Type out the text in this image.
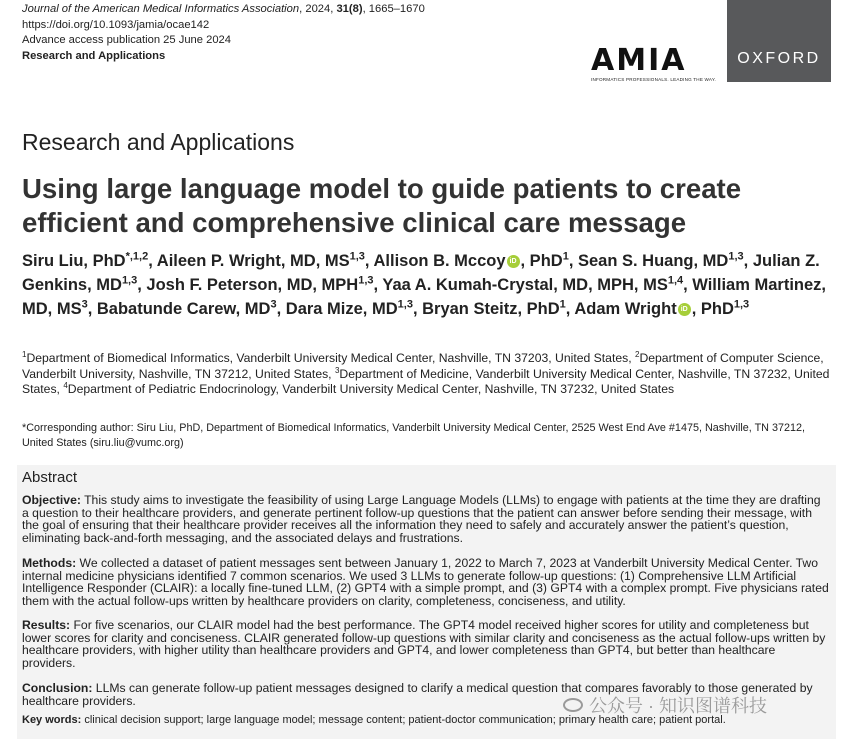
Journal of the American Medical Informatics Association, 2024, 31(8), 1665–1670
https://doi.org/10.1093/jamia/ocae142
Advance access publication 25 June 2024
Research and Applications	AMIA
INFORMATICS PROFESSIONALS. LEADING THE WAY.
OXFORD
Research and Applications
Using large language model to guide patients to create efficient and comprehensive clinical care message
Siru Liu, PhD$^{*,1,2}$, Aileen P. Wright, MD, MS$^{1,3}$, Allison B. Mccoy iD , PhD$^1$, Sean S. Huang, MD$^{1,3}$, Julian Z. Genkins, MD$^{1,3}$, Josh F. Peterson, MD, MPH$^{1,3}$, Yaa A. Kumah-Crystal, MD, MPH, MS$^{1,4}$, William Martinez, MD, $MS^3$, Babatunde Carew, $MD^3$, Dara Mize, MD$^{1,3}$, Bryan Steitz, PhD$^1$, Adam Wright iD , PhD$^{1,3}$
$^1$Department of Biomedical Informatics, Vanderbilt University Medical Center, Nashville, TN 37203, United States, $^2$Department of Computer Science, Vanderbilt University, Nashville, TN 37212, United States, $^3$Department of Medicine, Vanderbilt University Medical Center, Nashville, TN 37232, United States, $^4$Department of Pediatric Endocrinology, Vanderbilt University Medical Center, Nashville, TN 37232, United States
*Corresponding author: Siru Liu, PhD, Department of Biomedical Informatics, Vanderbilt University Medical Center, 2525 West End Ave #1475, Nashville, TN 37212, United States (siru.liu@vumc.org)
Abstract
Objective: This study aims to investigate the feasibility of using Large Language Models (LLMs) to engage with patients at the time they are drafting a question to their healthcare providers, and generate pertinent follow-up questions that the patient can answer before sending their message, with the goal of ensuring that their healthcare provider receives all the information they need to safely and accurately answer the patient’s question, eliminating back-and-forth messaging, and the associated delays and frustrations.
Methods: We collected a dataset of patient messages sent between January 1, 2022 to March 7, 2023 at Vanderbilt University Medical Center. Two internal medicine physicians identified 7 common scenarios. We used 3 LLMs to generate follow-up questions: (1) Comprehensive LLM Artificial Intelligence Responder (CLAIR): a locally fine-tuned LLM, (2) GPT4 with a simple prompt, and (3) GPT4 with a complex prompt. Five physicians rated them with the actual follow-ups written by healthcare providers on clarity, completeness, conciseness, and utility.
Results: For five scenarios, our CLAIR model had the best performance. The GPT4 model received higher scores for utility and completeness but lower scores for clarity and conciseness. CLAIR generated follow-up questions with similar clarity and conciseness as the actual follow-ups written by healthcare providers, with higher utility than healthcare providers and GPT4, and lower completeness than GPT4, but better than healthcare providers.
Conclusion: LLMs can generate follow-up patient messages designed to clarify a medical question that compares favorably to those generated by healthcare providers.
Key words: clinical decision support; large language model; message content; patient-doctor communication; primary health care; patient portal.
公众号 · 知识图谱科技
